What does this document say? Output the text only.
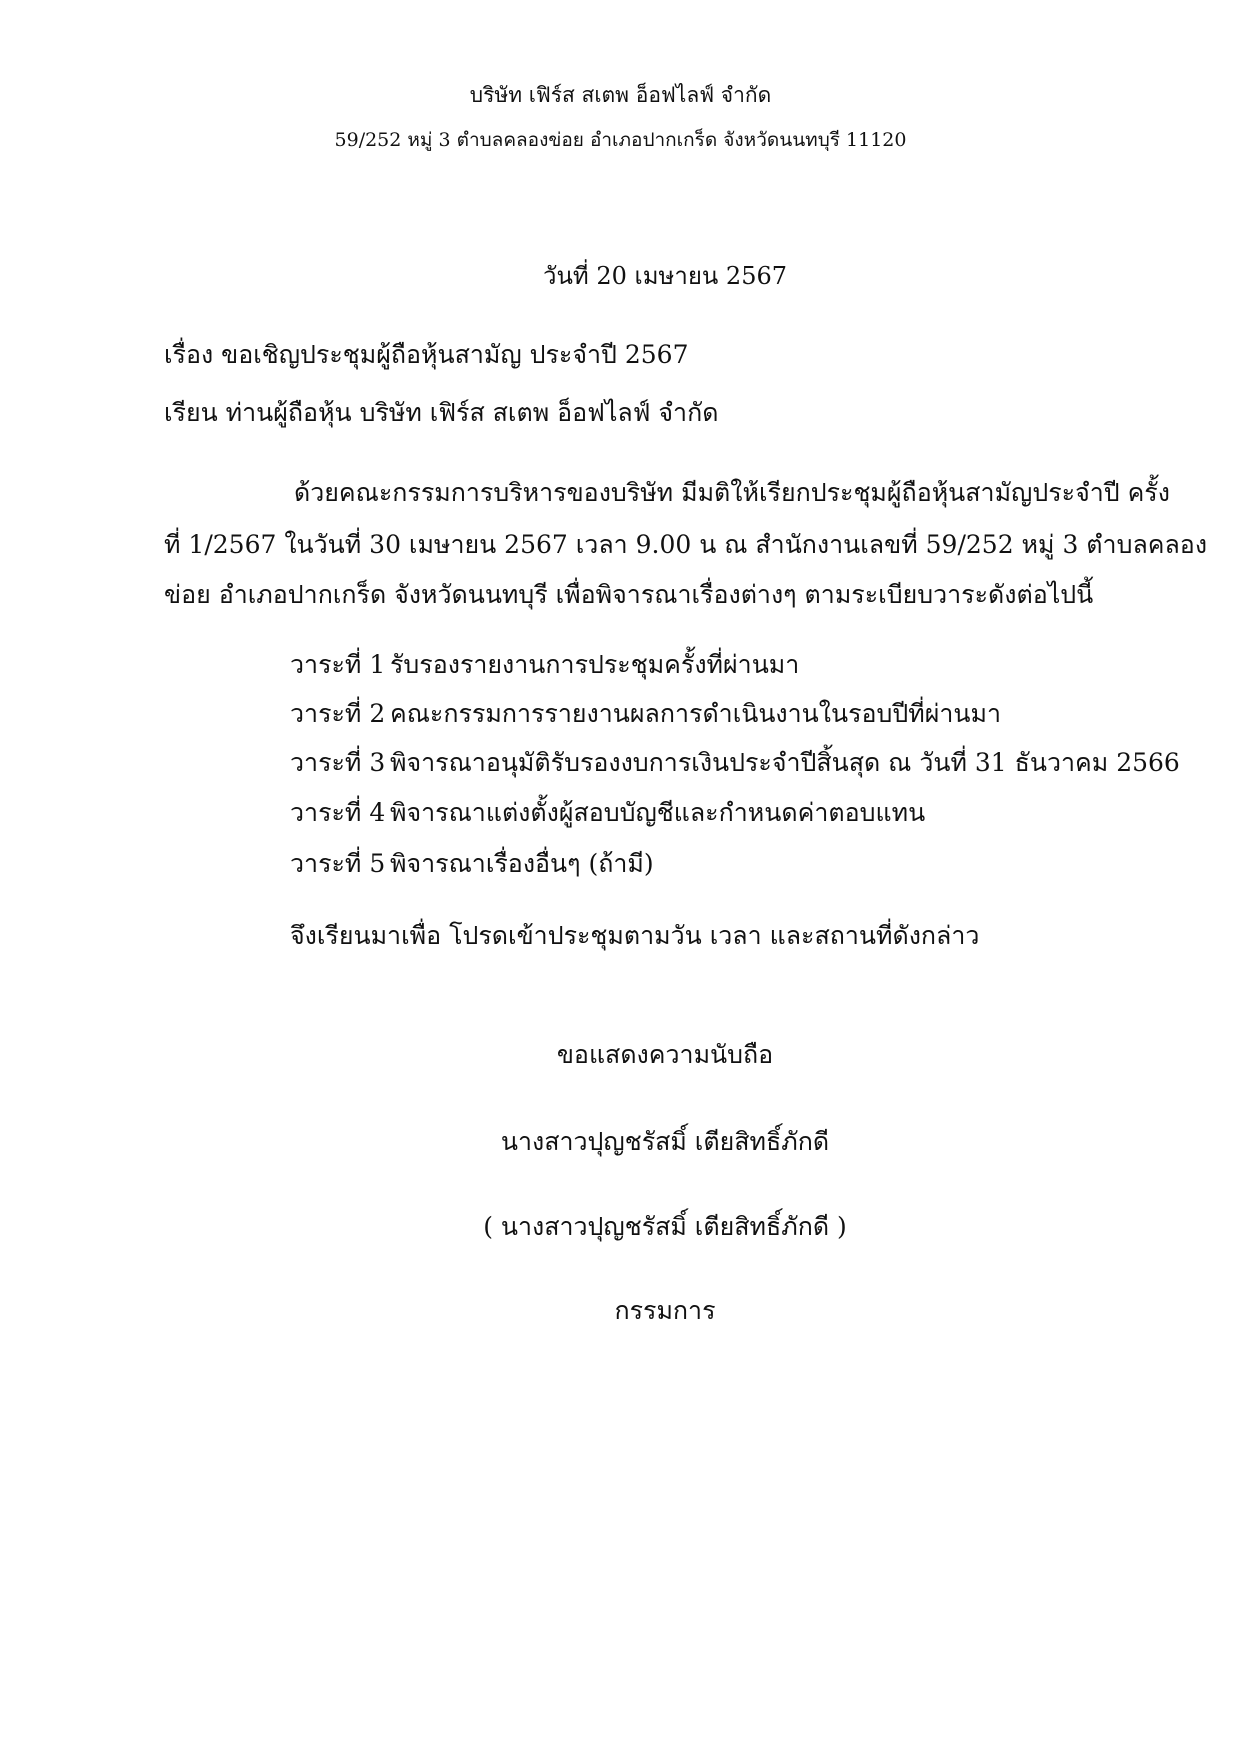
บริษัท เฟิร์ส สเตพ อ็อฟไลฟ์ จำกัด
59/252 หมู่ 3 ตำบลคลองข่อย อำเภอปากเกร็ด จังหวัดนนทบุรี 11120
วันที่ 20 เมษายน 2567
เรื่อง ขอเชิญประชุมผู้ถือหุ้นสามัญ ประจำปี 2567
เรียน ท่านผู้ถือหุ้น บริษัท เฟิร์ส สเตพ อ็อฟไลฟ์ จำกัด
ด้วยคณะกรรมการบริหารของบริษัท มีมติให้เรียกประชุมผู้ถือหุ้นสามัญประจำปี ครั้ง
ที่ 1/2567 ในวันที่ 30 เมษายน 2567 เวลา 9.00 น ณ สำนักงานเลขที่ 59/252 หมู่ 3 ตำบลคลอง
ข่อย อำเภอปากเกร็ด จังหวัดนนทบุรี เพื่อพิจารณาเรื่องต่างๆ ตามระเบียบวาระดังต่อไปนี้
วาระที่ 1 รับรองรายงานการประชุมครั้งที่ผ่านมา
วาระที่ 2 คณะกรรมการรายงานผลการดำเนินงานในรอบปีที่ผ่านมา
วาระที่ 3 พิจารณาอนุมัติรับรองงบการเงินประจำปีสิ้นสุด ณ วันที่ 31 ธันวาคม 2566
วาระที่ 4 พิจารณาแต่งตั้งผู้สอบบัญชีและกำหนดค่าตอบแทน
วาระที่ 5 พิจารณาเรื่องอื่นๆ (ถ้ามี)
จึงเรียนมาเพื่อ โปรดเข้าประชุมตามวัน เวลา และสถานที่ดังกล่าว
ขอแสดงความนับถือ
นางสาวปุญชรัสมิ์ เตียสิทธิ์ภักดี
( นางสาวปุญชรัสมิ์ เตียสิทธิ์ภักดี )
กรรมการ
